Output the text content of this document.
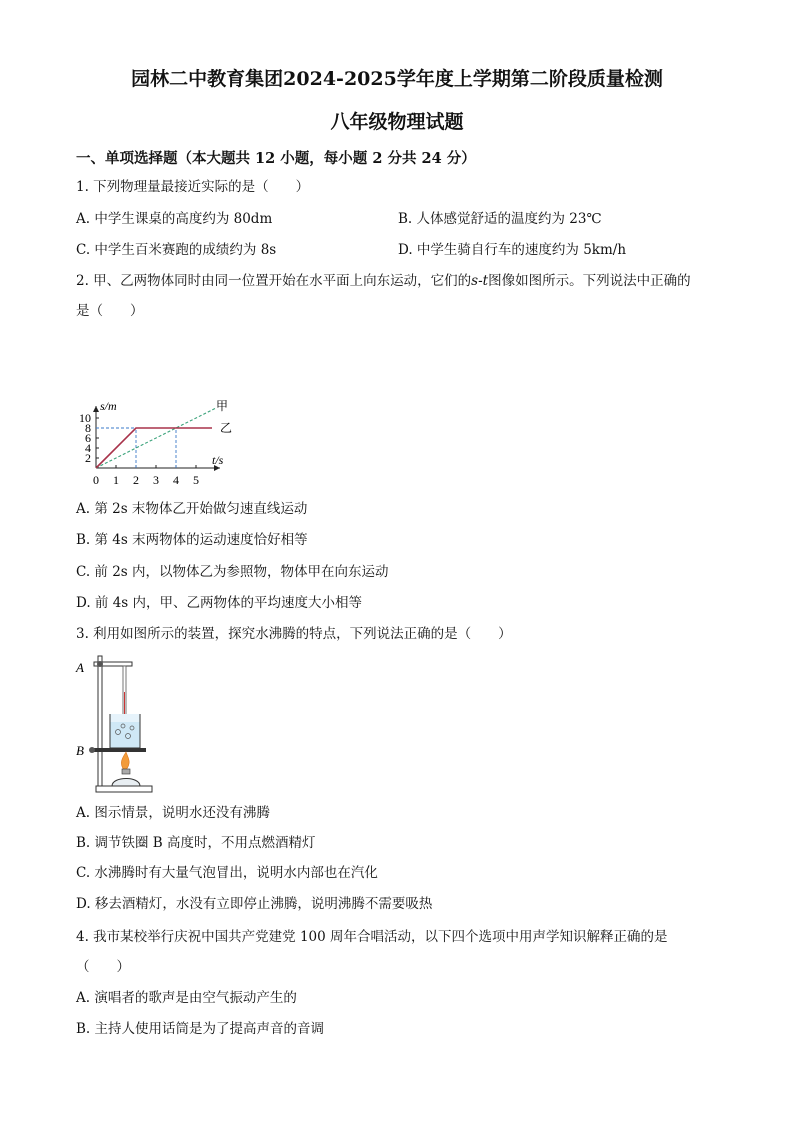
园林二中教育集团2024-2025学年度上学期第二阶段质量检测
八年级物理试题
一、单项选择题（本大题共 12 小题，每小题 2 分共 24 分）
1. 下列物理量最接近实际的是（　　）
A. 中学生课桌的高度约为 80dm	B. 人体感觉舒适的温度约为 23℃
C. 中学生百米赛跑的成绩约为 8s	D. 中学生骑自行车的速度约为 5km/h
2. 甲、乙两物体同时由同一位置开始在水平面上向东运动，它们的s-t图像如图所示。下列说法中正确的
是（　　）
0 1 2 3 4 5
2
4
6
8
10
t/s
s/m	甲
乙
A. 第 2s 末物体乙开始做匀速直线运动
B. 第 4s 末两物体的运动速度恰好相等
C. 前 2s 内，以物体乙为参照物，物体甲在向东运动
D. 前 4s 内，甲、乙两物体的平均速度大小相等
3. 利用如图所示的装置，探究水沸腾的特点，下列说法正确的是（　　）
A
B
A. 图示情景，说明水还没有沸腾
B. 调节铁圈 B 高度时，不用点燃酒精灯
C. 水沸腾时有大量气泡冒出，说明水内部也在汽化
D. 移去酒精灯，水没有立即停止沸腾，说明沸腾不需要吸热
4. 我市某校举行庆祝中国共产党建党 100 周年合唱活动，以下四个选项中用声学知识解释正确的是
（　　）
A. 演唱者的歌声是由空气振动产生的
B. 主持人使用话筒是为了提高声音的音调
